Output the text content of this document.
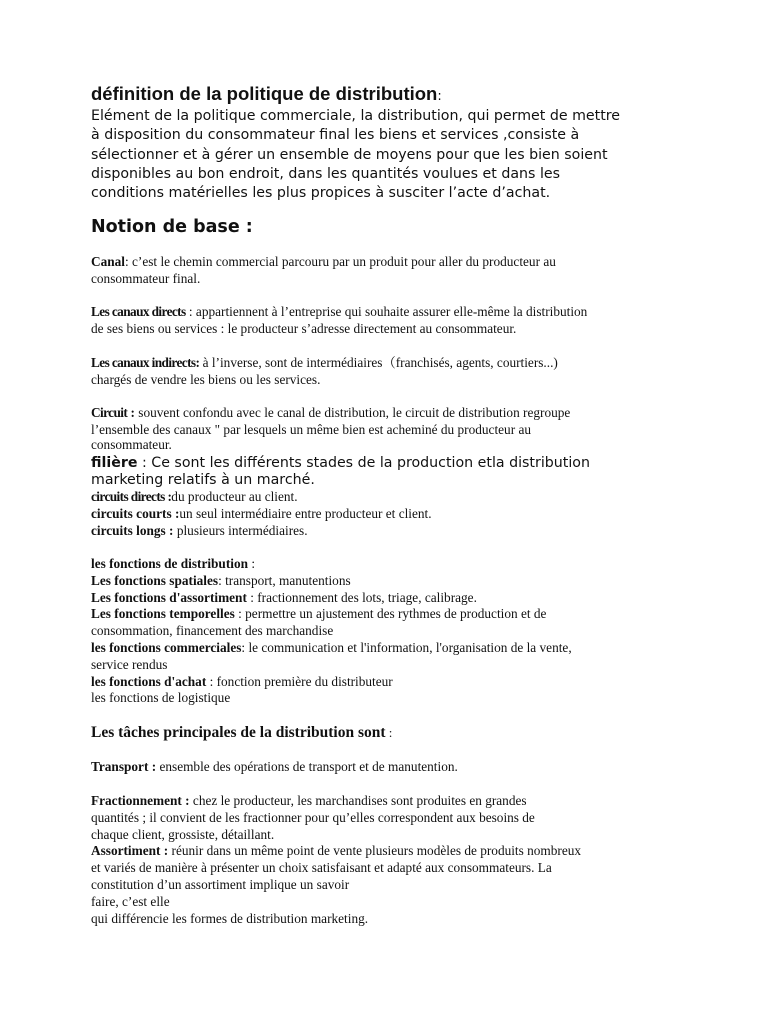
définition de la politique de distribution:
Elément de la politique commerciale, la distribution, qui permet de mettre
à disposition du consommateur final les biens et services ,consiste à
sélectionner et à gérer un ensemble de moyens pour que les bien soient
disponibles au bon endroit, dans les quantités voulues et dans les
conditions matérielles les plus propices à susciter l’acte d’achat.
Notion de base :
Canal: c’est le chemin commercial parcouru par un produit pour aller du producteur au
consommateur final.
Les canaux directs : appartiennent à l’entreprise qui souhaite assurer elle-même la distribution
de ses biens ou services : le producteur s’adresse directement au consommateur.
Les canaux indirects: à l’inverse, sont de intermédiaires（franchisés, agents, courtiers...)
chargés de vendre les biens ou les services.
Circuit : souvent confondu avec le canal de distribution, le circuit de distribution regroupe
l’ensemble des canaux " par lesquels un même bien est acheminé du producteur au
consommateur.
filière : Ce sont les différents stades de la production etla distribution
marketing relatifs à un marché.
circuits directs :du producteur au client.
circuits courts :un seul intermédiaire entre producteur et client.
circuits longs : plusieurs intermédiaires.
les fonctions de distribution :
Les fonctions spatiales: transport, manutentions
Les fonctions d'assortiment : fractionnement des lots, triage, calibrage.
Les fonctions temporelles : permettre un ajustement des rythmes de production et de
consommation, financement des marchandise
les fonctions commerciales: le communication et l'information, l'organisation de la vente,
service rendus
les fonctions d'achat : fonction première du distributeur
les fonctions de logistique
Les tâches principales de la distribution sont :
Transport : ensemble des opérations de transport et de manutention.
Fractionnement : chez le producteur, les marchandises sont produites en grandes
quantités ; il convient de les fractionner pour qu’elles correspondent aux besoins de
chaque client, grossiste, détaillant.
Assortiment : réunir dans un même point de vente plusieurs modèles de produits nombreux
et variés de manière à présenter un choix satisfaisant et adapté aux consommateurs. La
constitution d’un assortiment implique un savoir
faire, c’est elle
qui différencie les formes de distribution marketing.
